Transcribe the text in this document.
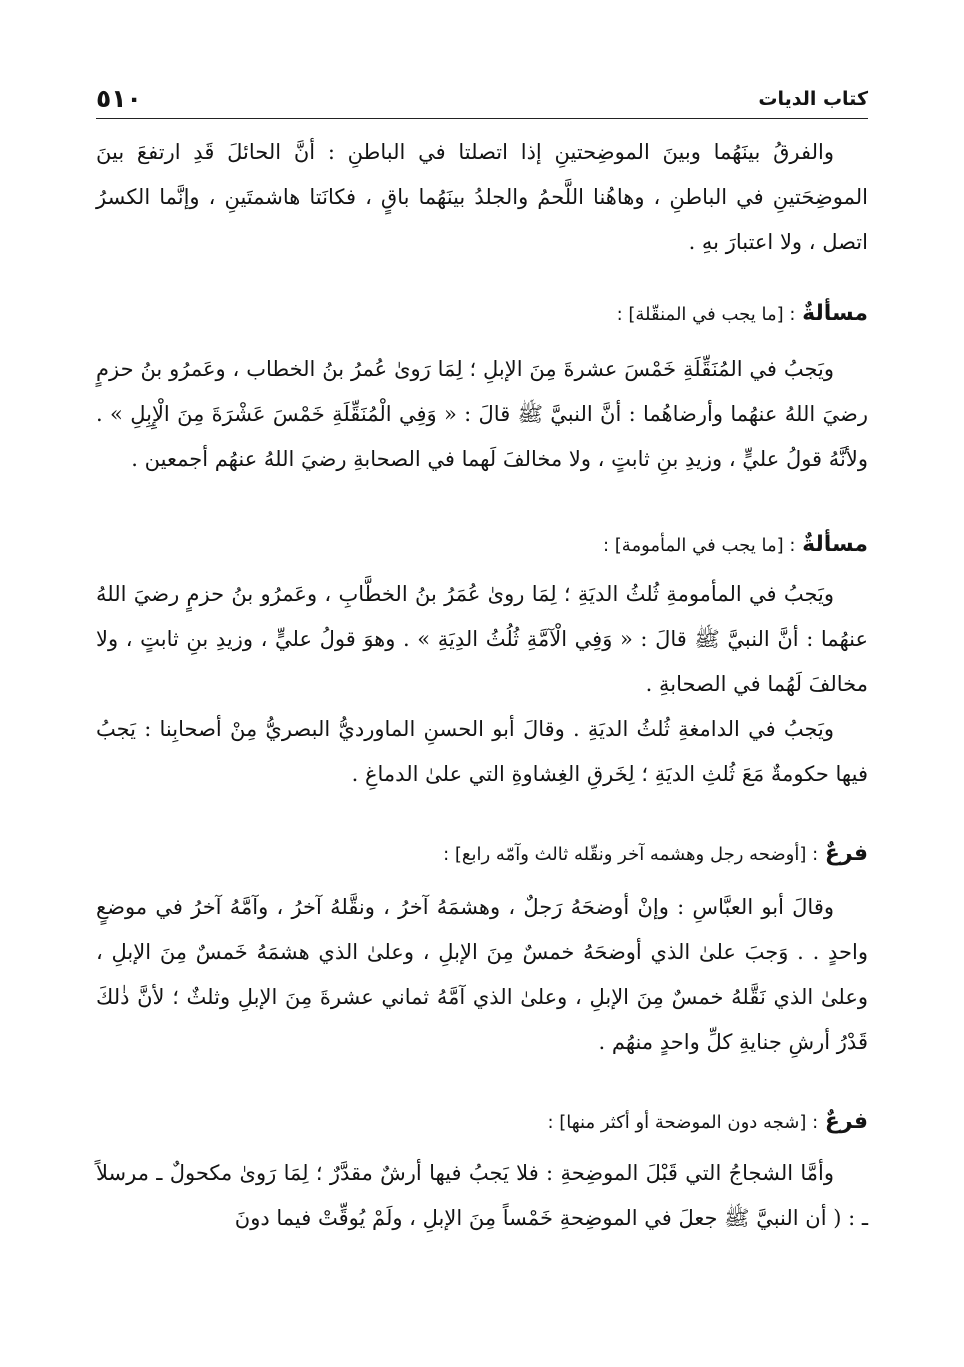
٥١٠	كتاب الديات

والفرقُ بينَهُما وبينَ الموضِحتينِ إذا اتصلتا في الباطنِ : أنَّ الحائلَ قَدِ ارتفعَ بينَ الموضِحَتينِ في الباطنِ ، وهاهُنا اللَّحمُ والجلدُ بينَهُما باقٍ ، فكانَتا هاشمتَينِ ، وإنَّما الكسرُ اتصل ، ولا اعتبارَ بهِ .

مسألةٌ : [ما يجب في المنقّلة] :

ويَجبُ في المُنَقِّلَةِ خَمْسَ عشرةَ مِنَ الإبلِ ؛ لِمَا رَوىٰ عُمرُ بنُ الخطاب ، وعَمرُو بنُ حزمٍ رضيَ اللهُ عنهُما وأرضاهُما : أنَّ النبيَّ ﷺ قالَ : « وَفِي الْمُنَقِّلَةِ خَمْسَ عَشْرَةَ مِنَ الْإِبِلِ » . ولأنَّهُ قولُ عليٍّ ، وزيدِ بنِ ثابتٍ ، ولا مخالفَ لَهما في الصحابةِ رضيَ اللهُ عنهُم أجمعين .

مسألةٌ : [ما يجب في المأمومة] :

ويَجبُ في المأمومةِ ثُلثُ الديَةِ ؛ لِمَا روىٰ عُمَرُ بنُ الخطَّابِ ، وعَمرُو بنُ حزمٍ رضيَ اللهُ عنهُما : أنَّ النبيَّ ﷺ قالَ : « وَفِي الْآمَّةِ ثُلُثُ الدِيَةِ » . وهوَ قولُ عليٍّ ، وزيدِ بنِ ثابتٍ ، ولا مخالفَ لَهُما في الصحابةِ .

ويَجبُ في الدامغةِ ثُلثُ الديَةِ . وقالَ أبو الحسنِ الماورديُّ البصريُّ مِنْ أصحابِنا : يَجبُ فيها حكومةٌ مَعَ ثُلثِ الديَةِ ؛ لِخَرقِ الغِشاوةِ التي علىٰ الدماغِ .

فرعٌ : [أوضحه رجل وهشمه آخر ونقّله ثالث وآمّه رابع] :

وقالَ أبو العبَّاسِ : وإنْ أوضحَهُ رَجلٌ ، وهشمَهُ آخرُ ، ونقَّلهُ آخرُ ، وآمَّهُ آخرُ في موضعٍ واحدٍ . . وَجبَ علىٰ الذي أوضحَهُ خمسٌ مِنَ الإبلِ ، وعلىٰ الذي هشمَهُ خَمسٌ مِنَ الإبلِ ، وعلىٰ الذي نَقَّلهُ خمسٌ مِنَ الإبلِ ، وعلىٰ الذي آمَّهُ ثماني عشرةَ مِنَ الإبلِ وثلثٌ ؛ لأنَّ ذٰلكَ قَدْرُ أرشِ جنايةِ كلِّ واحدٍ منهُم .

فرعٌ : [شجه دون الموضحة أو أكثر منها] :

وأمَّا الشجاجُ التي قَبْلَ الموضِحةِ : فلا يَجبُ فيها أرشٌ مقدَّرٌ ؛ لِمَا رَوىٰ مكحولٌ ـ مرسلاً ـ : ( أن النبيَّ ﷺ جعلَ في الموضِحةِ خَمْساً مِنَ الإبلِ ، ولَمْ يُوقِّتْ فيما دونَ
